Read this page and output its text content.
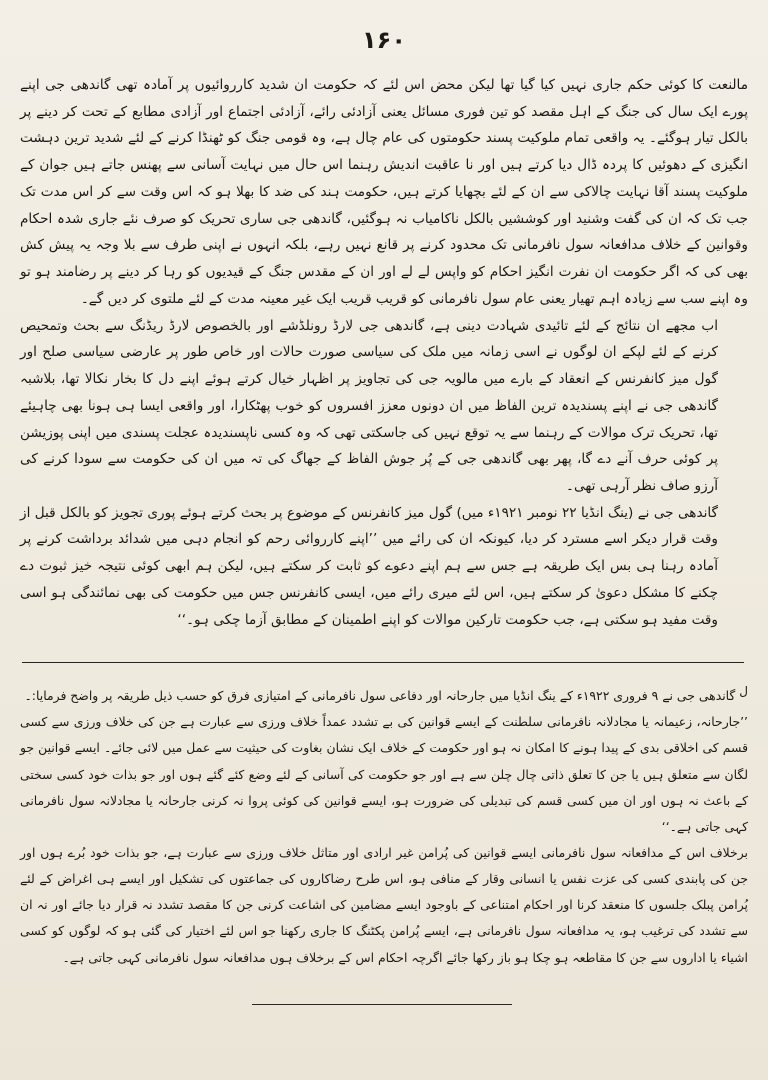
۱۶۰

مالنعت کا کوئی حکم جاری نہیں کیا گیا تھا لیکن محض اس لئے کہ حکومت ان شدید کارروائیوں پر آمادہ تھی گاندھی جی اپنے پورے ایک سال کی جنگ کے اہل مقصد کو تین فوری مسائل یعنی آزادئی رائے، آزادئی اجتماع اور آزادی مطابع کے تحت کر دینے پر بالکل تیار ہوگئے۔ یہ واقعی تمام ملوکیت پسند حکومتوں کی عام چال ہے، وہ قومی جنگ کو ٹھنڈا کرنے کے لئے شدید ترین دہشت انگیزی کے دھوئیں کا پردہ ڈال دیا کرتے ہیں اور نا عاقبت اندیش رہنما اس حال میں نہایت آسانی سے پھنس جاتے ہیں جوان کے ملوکیت پسند آقا نہایت چالاکی سے ان کے لئے بچھایا کرتے ہیں، حکومت ہند کی ضد کا بھلا ہو کہ اس وقت سے کر اس مدت تک جب تک کہ ان کی گفت وشنید اور کوششیں بالکل ناکامیاب نہ ہوگئیں، گاندھی جی ساری تحریک کو صرف نئے جاری شدہ احکام وقوانین کے خلاف مدافعانہ سول نافرمانی تک محدود کرنے پر قانع نہیں رہے، بلکہ انہوں نے اپنی طرف سے بلا وجہ یہ پیش کش بھی کی کہ اگر حکومت ان نفرت انگیز احکام کو واپس لے لے اور ان کے مقدس جنگ کے قیدیوں کو رہا کر دینے پر رضامند ہو تو وہ اپنے سب سے زیادہ اہم تھیار یعنی عام سول نافرمانی کو قریب قریب ایک غیر معینہ مدت کے لئے ملتوی کر دیں گے۔

اب مجھے ان نتائج کے لئے تائیدی شہادت دینی ہے، گاندھی جی لارڈ رونلڈشے اور بالخصوص لارڈ ریڈنگ سے بحث وتمحیص کرنے کے لئے لپکے ان لوگوں نے اسی زمانہ میں ملک کی سیاسی صورت حالات اور خاص طور پر عارضی سیاسی صلح اور گول میز کانفرنس کے انعقاد کے بارے میں مالویہ جی کی تجاویز پر اظہار خیال کرتے ہوئے اپنے دل کا بخار نکالا تھا، بلاشبہ گاندھی جی نے اپنے پسندیدہ ترین الفاظ میں ان دونوں معزز افسروں کو خوب پھٹکارا، اور واقعی ایسا ہی ہونا بھی چاہیئے تھا، تحریک ترک موالات کے رہنما سے یہ توقع نہیں کی جاسکتی تھی کہ وہ کسی ناپسندیدہ عجلت پسندی میں اپنی پوزیشن پر کوئی حرف آنے دے گا، پھر بھی گاندھی جی کے پُر جوش الفاظ کے جھاگ کی تہ میں ان کی حکومت سے سودا کرنے کی آرزو صاف نظر آرہی تھی۔

گاندھی جی نے (ینگ انڈیا ۲۲ نومبر ۱۹۲۱ء میں) گول میز کانفرنس کے موضوع پر بحث کرتے ہوئے پوری تجویز کو بالکل قبل از وقت قرار دیکر اسے مسترد کر دیا، کیونکہ ان کی رائے میں ’’اپنے کارروائی رحم کو انجام دہی میں شدائد برداشت کرنے پر آمادہ رہنا ہی بس ایک طریقہ ہے جس سے ہم اپنے دعوے کو ثابت کر سکتے ہیں، لیکن ہم ابھی کوئی نتیجہ خیز ثبوت دے چکنے کا مشکل دعویٰ کر سکتے ہیں، اس لئے میری رائے میں، ایسی کانفرنس جس میں حکومت کی بھی نمائندگی ہو اسی وقت مفید ہو سکتی ہے، جب حکومت تارکین موالات کو اپنے اطمینان کے مطابق آزما چکی ہو۔‘‘

ل گاندھی جی نے ۹ فروری ۱۹۲۲ء کے ینگ انڈیا میں جارحانہ اور دفاعی سول نافرمانی کے امتیازی فرق کو حسب ذیل طریقہ پر واضح فرمایا:۔

’’جارحانہ، زعیمانہ یا مجادلانہ نافرمانی سلطنت کے ایسے قوانین کی بے تشدد عمداً خلاف ورزی سے عبارت ہے جن کی خلاف ورزی سے کسی قسم کی اخلاقی بدی کے پیدا ہونے کا امکان نہ ہو اور حکومت کے خلاف ایک نشان بغاوت کی حیثیت سے عمل میں لائی جائے۔ ایسے قوانین جو لگان سے متعلق ہیں یا جن کا تعلق ذاتی چال چلن سے ہے اور جو حکومت کی آسانی کے لئے وضع کئے گئے ہوں اور جو بذات خود کسی سختی کے باعث نہ ہوں اور ان میں کسی قسم کی تبدیلی کی ضرورت ہو، ایسے قوانین کی کوئی پروا نہ کرنی جارحانہ یا مجادلانہ سول نافرمانی کہی جاتی ہے۔‘‘

برخلاف اس کے مدافعانہ سول نافرمانی ایسے قوانین کی پُرامن غیر ارادی اور متاثل خلاف ورزی سے عبارت ہے، جو بذات خود بُرے ہوں اور جن کی پابندی کسی کی عزت نفس یا انسانی وقار کے منافی ہو، اس طرح رضاکاروں کی جماعتوں کی تشکیل اور ایسے ہی اغراض کے لئے پُرامن پبلک جلسوں کا منعقد کرنا اور احکام امتناعی کے باوجود ایسے مضامین کی اشاعت کرنی جن کا مقصد تشدد نہ قرار دیا جائے اور نہ ان سے تشدد کی ترغیب ہو، یہ مدافعانہ سول نافرمانی ہے، ایسے پُرامن پکٹنگ کا جاری رکھنا جو اس لئے اختیار کی گئی ہو کہ لوگوں کو کسی اشیاء یا اداروں سے جن کا مقاطعہ ہو چکا ہو باز رکھا جائے اگرچہ احکام اس کے برخلاف ہوں مدافعانہ سول نافرمانی کہی جاتی ہے۔
